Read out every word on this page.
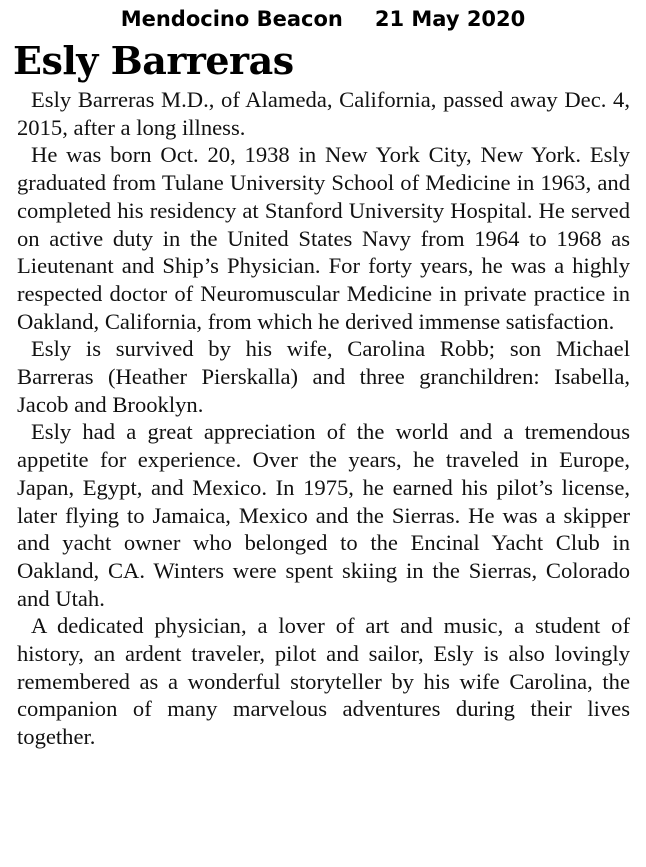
Mendocino Beacon 21 May 2020
Esly Barreras

Esly Barreras M.D., of Alameda, California, passed away Dec. 4, 2015, after a long illness.

He was born Oct. 20, 1938 in New York City, New York. Esly graduated from Tulane University School of Medicine in 1963, and completed his residency at Stanford University Hospital. He served on active duty in the United States Navy from 1964 to 1968 as Lieutenant and Ship’s Physician. For forty years, he was a highly respected doctor of Neuromuscular Medicine in private practice in Oakland, California, from which he derived immense satisfaction.

Esly is survived by his wife, Carolina Robb; son Michael Barreras (Heather Pierskalla) and three granchildren: Isabella, Jacob and Brooklyn.

Esly had a great appreciation of the world and a tremendous appetite for experience. Over the years, he traveled in Europe, Japan, Egypt, and Mexico. In 1975, he earned his pilot’s license, later flying to Jamaica, Mexico and the Sierras. He was a skipper and yacht owner who belonged to the Encinal Yacht Club in Oakland, CA. Winters were spent skiing in the Sierras, Colorado and Utah.

A dedicated physician, a lover of art and music, a student of history, an ardent traveler, pilot and sailor, Esly is also lovingly remembered as a wonderful storyteller by his wife Carolina, the companion of many marvelous adventures during their lives together.
